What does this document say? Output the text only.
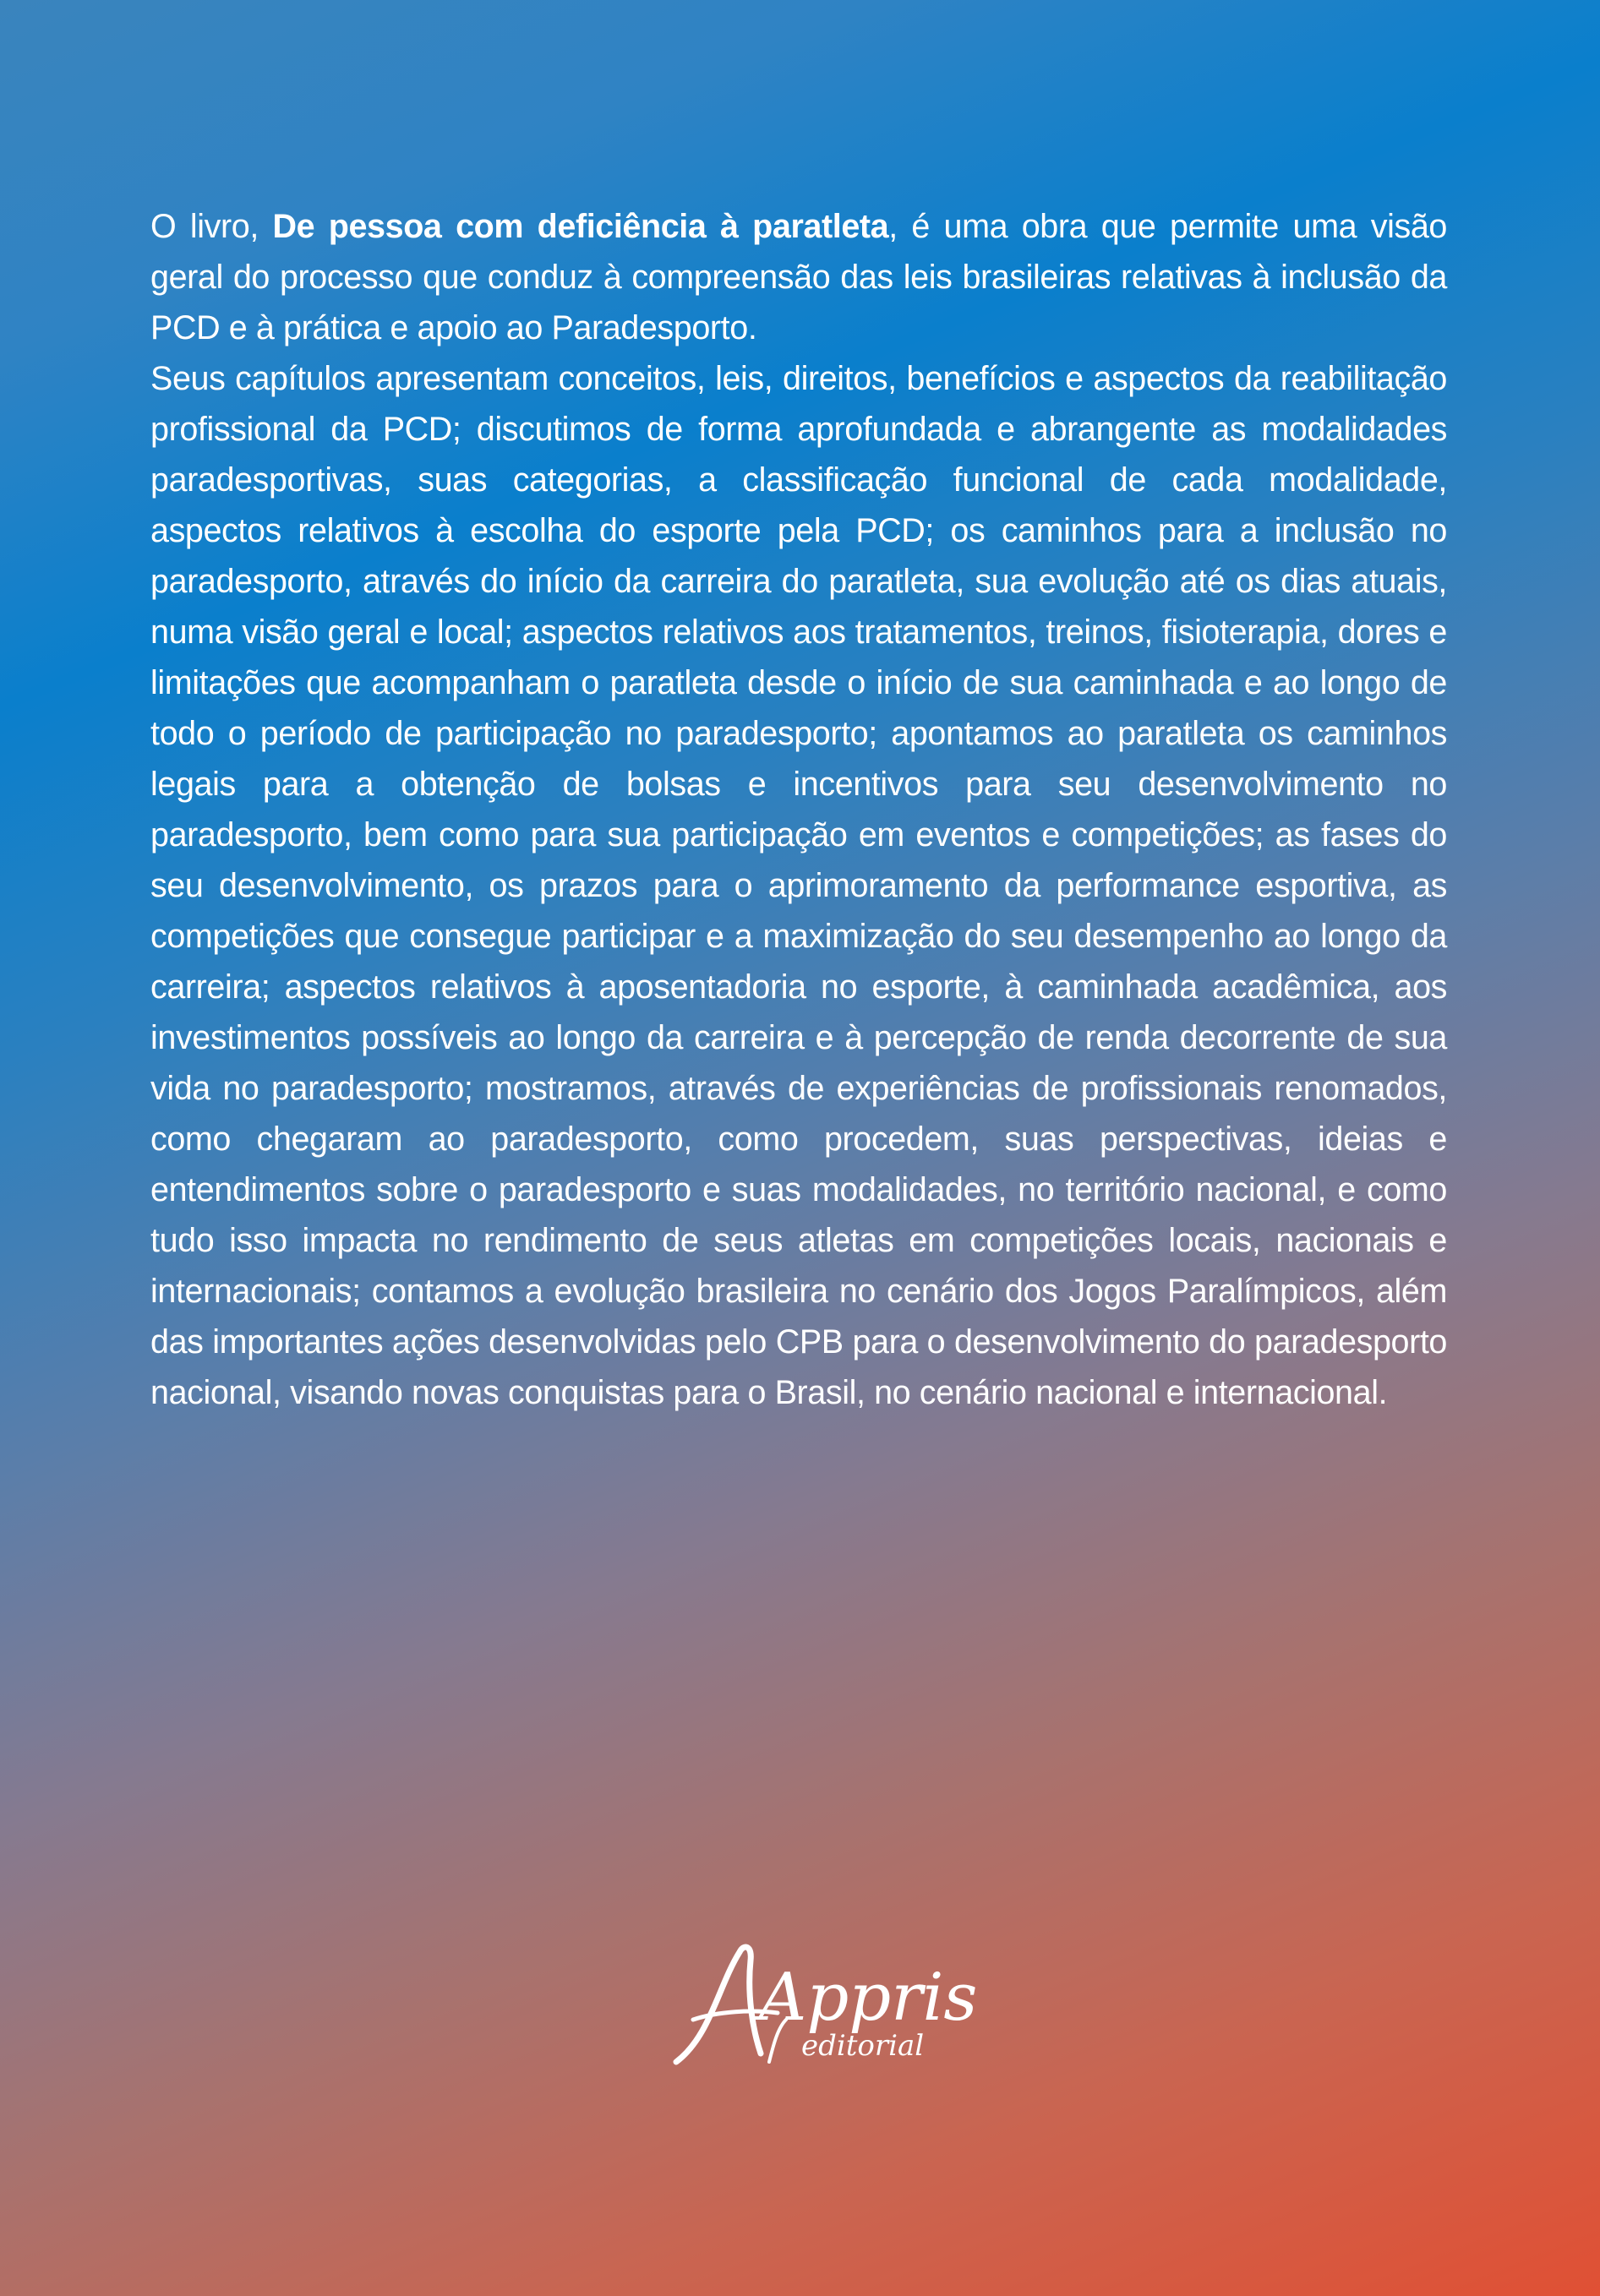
O livro, De pessoa com deficiência à paratleta, é uma obra que permite uma visão geral do processo que conduz à compreensão das leis brasileiras relativas à inclusão da PCD e à prática e apoio ao Paradesporto.

Seus capítulos apresentam conceitos, leis, direitos, benefícios e aspectos da reabilitação profissional da PCD; discutimos de forma aprofundada e abrangente as modalidades paradesportivas, suas categorias, a classificação funcional de cada modalidade, aspectos relativos à escolha do esporte pela PCD; os caminhos para a inclusão no paradesporto, através do início da carreira do paratleta, sua evolução até os dias atuais, numa visão geral e local; aspectos relativos aos tratamentos, treinos, fisioterapia, dores e limitações que acompanham o paratleta desde o início de sua caminhada e ao longo de todo o período de participação no paradesporto; apontamos ao paratleta os caminhos legais para a obtenção de bolsas e incentivos para seu desenvolvimento no paradesporto, bem como para sua participação em eventos e competições; as fases do seu desenvolvimento, os prazos para o aprimoramento da performance esportiva, as competições que consegue participar e a maximização do seu desempenho ao longo da carreira; aspectos relativos à aposentadoria no esporte, à caminhada acadêmica, aos investimentos possíveis ao longo da carreira e à percepção de renda decorrente de sua vida no paradesporto; mostramos, através de experiências de profissionais renomados, como chegaram ao paradesporto, como procedem, suas perspectivas, ideias e entendimentos sobre o paradesporto e suas modalidades, no território nacional, e como tudo isso impacta no rendimento de seus atletas em competições locais, nacionais e internacionais; contamos a evolução brasileira no cenário dos Jogos Paralímpicos, além das importantes ações desenvolvidas pelo CPB para o desenvolvimento do paradesporto nacional, visando novas conquistas para o Brasil, no cenário nacional e internacional.

Appris
editorial
